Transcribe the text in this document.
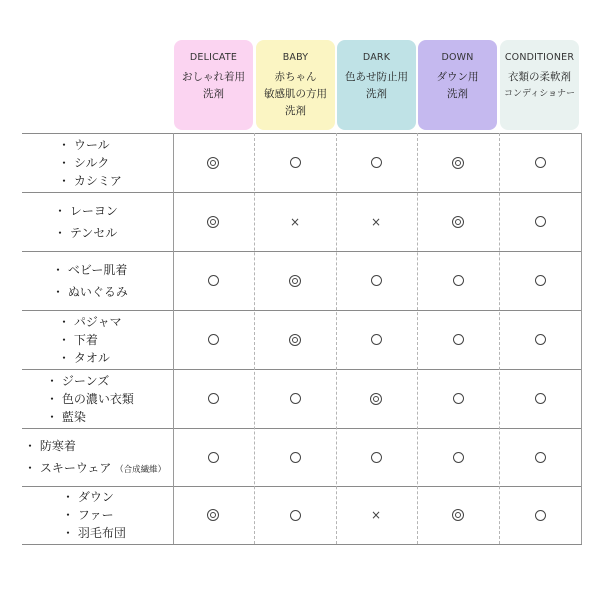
DELICATE
おしゃれ着用
洗剤
BABY
赤ちゃん
敏感肌の方用
洗剤
DARK
色あせ防止用
洗剤
DOWN
ダウン用
洗剤
CONDITIONER
衣類の柔軟剤
コンディショナー
・ ウール
・ シルク
・ カシミア
・ レーヨン
・ テンセル
×	×
・ ベビー肌着
・ ぬいぐるみ
・ パジャマ
・ 下着
・ タオル
・ ジーンズ
・ 色の濃い衣類
・ 藍染
・ 防寒着
・ スキーウェア （合成繊維）
・ ダウン
・ ファー
・ 羽毛布団
×
